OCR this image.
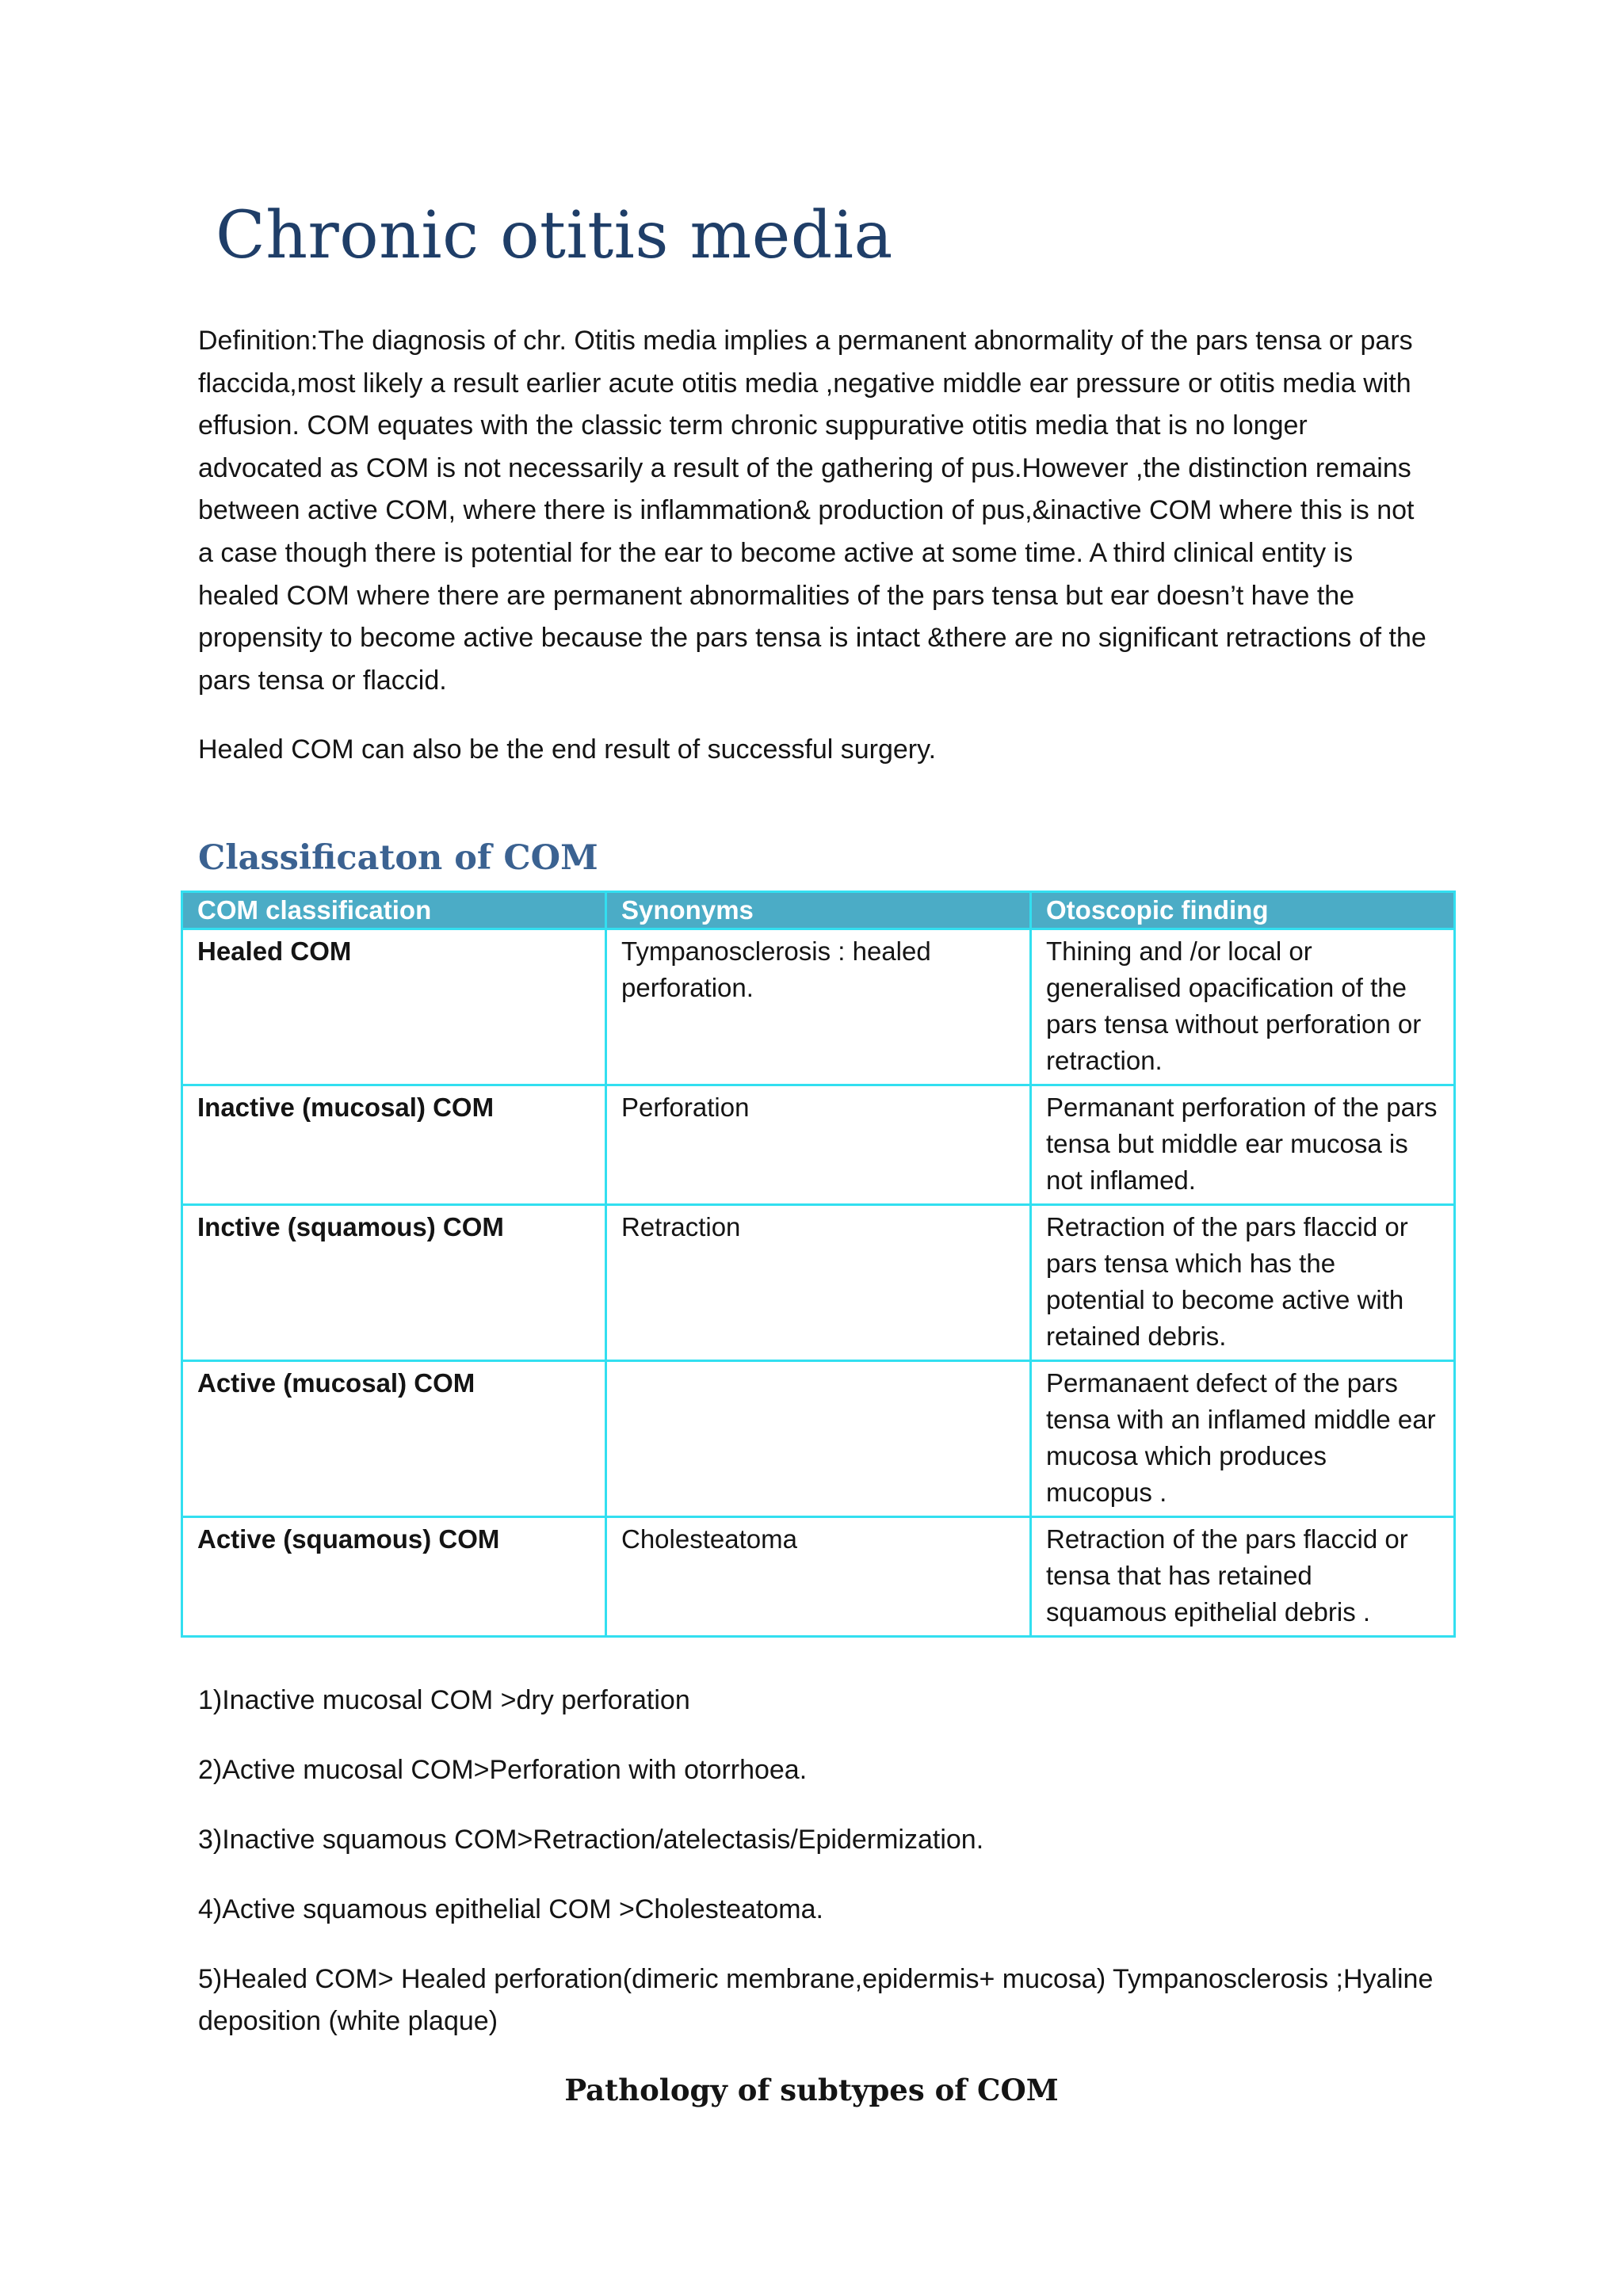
Chronic otitis media

Definition:The diagnosis of chr. Otitis media implies a permanent abnormality of the pars tensa or pars flaccida,most likely a result earlier acute otitis media ,negative middle ear pressure or otitis media with effusion. COM equates with the classic term chronic suppurative otitis media that is no longer advocated as COM is not necessarily a result of the gathering of pus.However ,the distinction remains between active COM, where there is inflammation& production of pus,&inactive COM where this is not a case though there is potential for the ear to become active at some time. A third clinical entity is healed COM where there are permanent abnormalities of the pars tensa but ear doesn’t have the propensity to become active because the pars tensa is intact &there are no significant retractions of the pars tensa or flaccid.

Healed COM can also be the end result of successful surgery.

Classificaton of COM
COM classification	Synonyms	Otoscopic finding
Healed COM	Tympanosclerosis : healed perforation.	Thining and /or local or generalised opacification of the pars tensa without perforation or retraction.
Inactive (mucosal) COM	Perforation	Permanant perforation of the pars tensa but middle ear mucosa is not inflamed.
Inctive (squamous) COM	Retraction	Retraction of the pars flaccid or pars tensa which has the potential to become active with retained debris.
Active (mucosal) COM		Permanaent defect of the pars tensa with an inflamed middle ear mucosa which produces mucopus .
Active (squamous) COM	Cholesteatoma	Retraction of the pars flaccid or tensa that has retained squamous epithelial debris .

1)Inactive mucosal COM >dry perforation

2)Active mucosal COM>Perforation with otorrhoea.

3)Inactive squamous COM>Retraction/atelectasis/Epidermization.

4)Active squamous epithelial COM >Cholesteatoma.

5)Healed COM> Healed perforation(dimeric membrane,epidermis+ mucosa) Tympanosclerosis ;Hyaline deposition (white plaque)

Pathology of subtypes of COM
